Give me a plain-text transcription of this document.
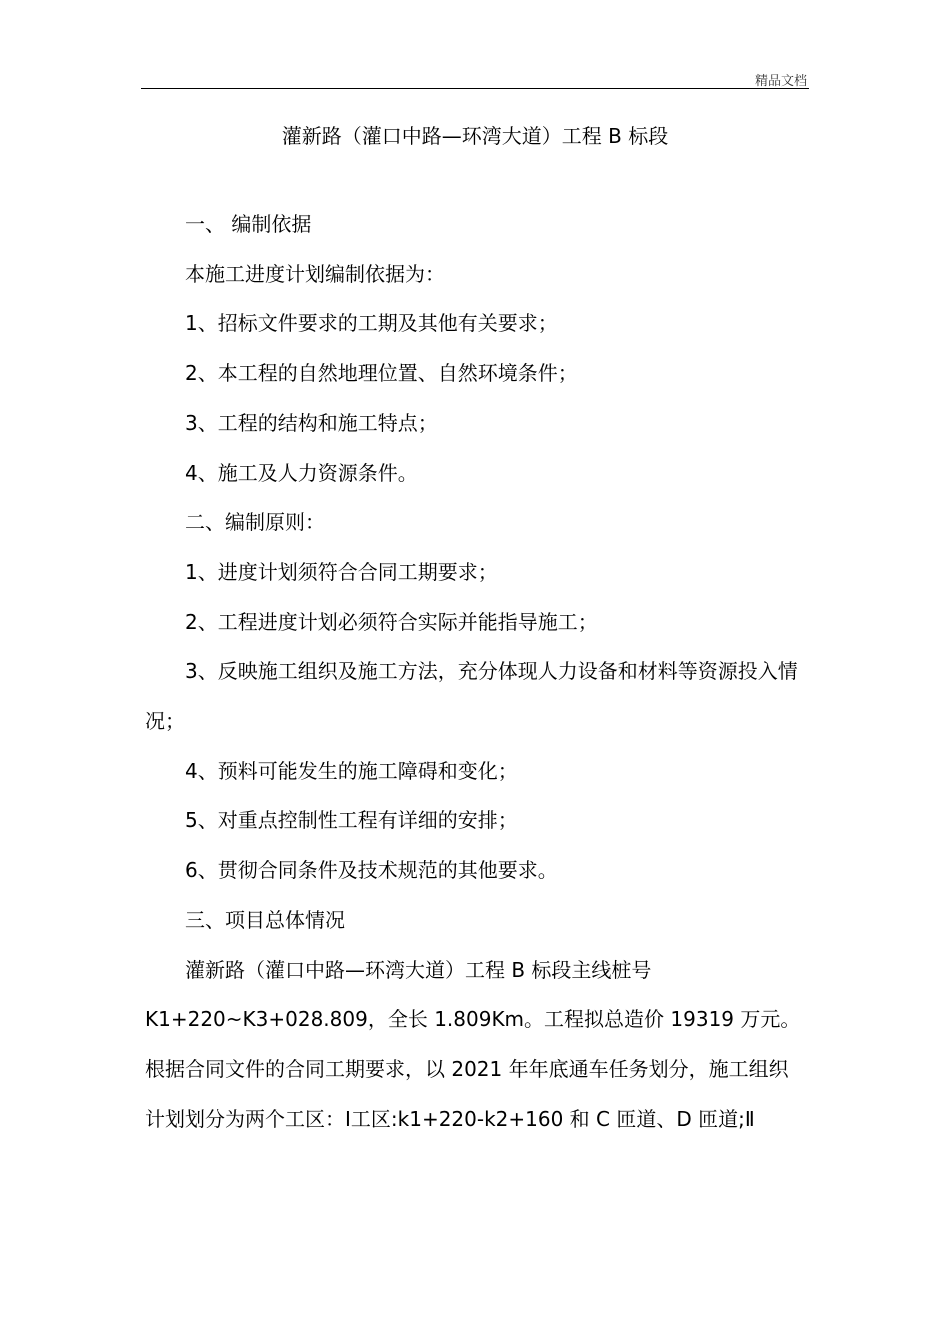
精品文档
灌新路（灌口中路—环湾大道）工程 B 标段

一、 编制依据

本施工进度计划编制依据为：

1、招标文件要求的工期及其他有关要求；

2、本工程的自然地理位置、自然环境条件；

3、工程的结构和施工特点；

4、施工及人力资源条件。

二、编制原则：

1、进度计划须符合合同工期要求；

2、工程进度计划必须符合实际并能指导施工；

3、反映施工组织及施工方法，充分体现人力设备和材料等资源投入情况；

4、预料可能发生的施工障碍和变化；

5、对重点控制性工程有详细的安排；

6、贯彻合同条件及技术规范的其他要求。

三、项目总体情况

灌新路（灌口中路—环湾大道）工程 B 标段主线桩号 K1+220~K3+028.809，全长 1.809Km。工程拟总造价 19319 万元。根据合同文件的合同工期要求，以 2021 年年底通车任务划分，施工组织计划划分为两个工区：Ⅰ工区:k1+220-k2+160 和 C 匝道、D 匝道;Ⅱ
